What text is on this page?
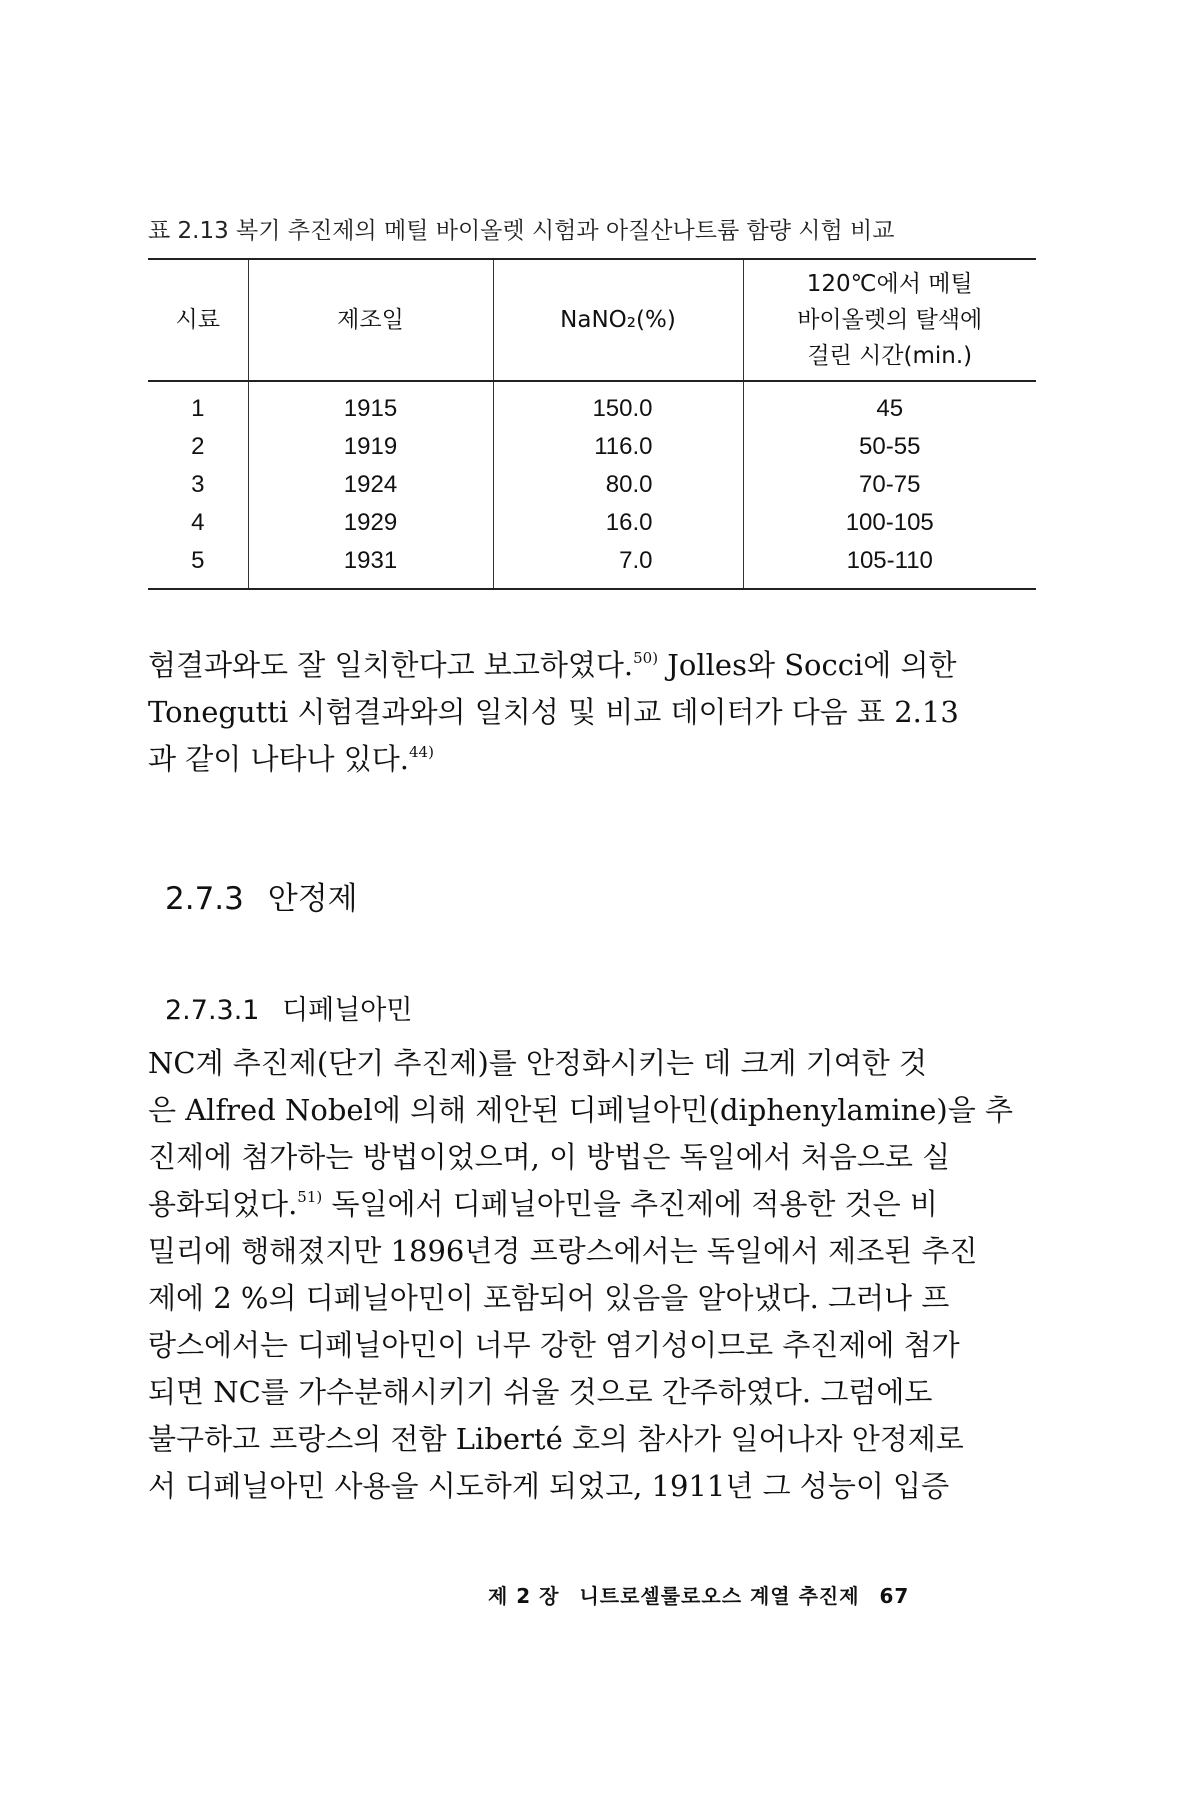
표 2.13 복기 추진제의 메틸 바이올렛 시험과 아질산나트륨 함량 시험 비교
시료	제조일	NaNO₂(%)	120℃에서 메틸
바이올렛의 탈색에
걸린 시간(min.)

1	1915	150.0	45
2	1919	116.0	50-55
3	1924	80.0	70-75
4	1929	16.0	100-105
5	1931	7.0	105-110
험결과와도 잘 일치한다고 보고하였다.$^{50)}$ Jolles와 Socci에 의한
Tonegutti 시험결과와의 일치성 및 비교 데이터가 다음 표 2.13
과 같이 나타나 있다.$^{44)}$
2.7.3 안정제
2.7.3.1 디페닐아민
NC계 추진제(단기 추진제)를 안정화시키는 데 크게 기여한 것
은 Alfred Nobel에 의해 제안된 디페닐아민(diphenylamine)을 추
진제에 첨가하는 방법이었으며, 이 방법은 독일에서 처음으로 실
용화되었다.$^{51)}$ 독일에서 디페닐아민을 추진제에 적용한 것은 비
밀리에 행해졌지만 1896년경 프랑스에서는 독일에서 제조된 추진
제에 2 %의 디페닐아민이 포함되어 있음을 알아냈다. 그러나 프
랑스에서는 디페닐아민이 너무 강한 염기성이므로 추진제에 첨가
되면 NC를 가수분해시키기 쉬울 것으로 간주하였다. 그럼에도
불구하고 프랑스의 전함 Liberté 호의 참사가 일어나자 안정제로
서 디페닐아민 사용을 시도하게 되었고, 1911년 그 성능이 입증
제 2 장 니트로셀룰로오스 계열 추진제 67
